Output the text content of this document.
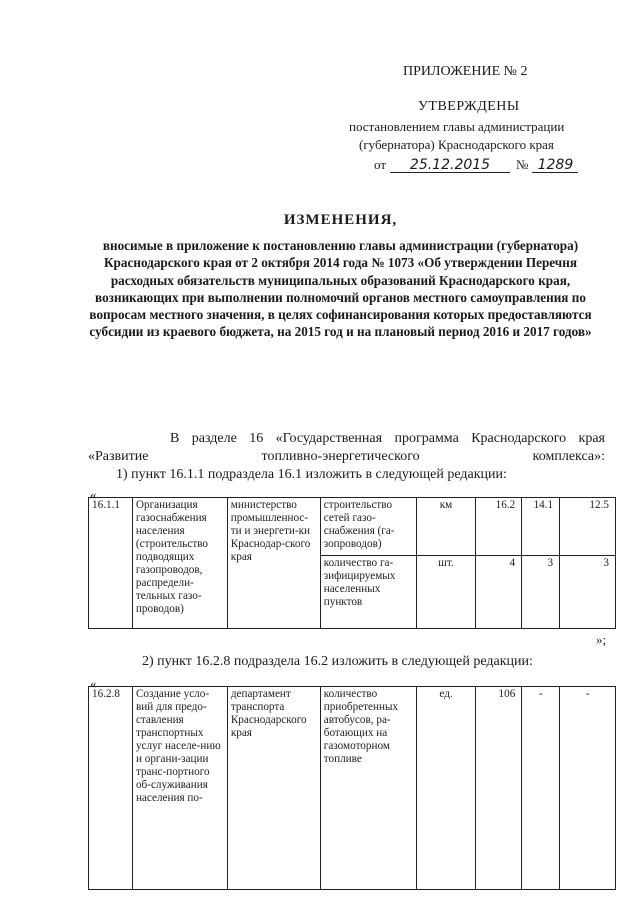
ПРИЛОЖЕНИЕ № 2
УТВЕРЖДЕНЫ
постановлением главы администрации
(губернатора) Краснодарского края
от 25.12.2015 № 1289
ИЗМЕНЕНИЯ,
вносимые в приложение к постановлению главы администрации (губернатора) Краснодарского края от 2 октября 2014 года № 1073 «Об утверждении Перечня расходных обязательств муниципальных образований Краснодарского края, возникающих при выполнении полномочий органов местного самоуправления по вопросам местного значения, в целях софинансирования которых предоставляются субсидии из краевого бюджета, на 2015 год и на плановый период 2016 и 2017 годов»

В разделе 16 «Государственная программа Краснодарского края «Развитие топливно-энергетического комплекса»:

1) пункт 16.1.1 подраздела 16.1 изложить в следующей редакции:

«
16.1.1	Организация газоснабжения населения (строительство подводящих газопроводов, распредели-тельных газо-проводов)	министерство промышленнос-ти и энергети-ки Краснодар-ского края	строительство сетей газо-снабжения (га-зопроводов)	км	16.2	14.1	12.5
			количество га-зифицируемых населенных пунктов	шт.	4	3	3
»;
2) пункт 16.2.8 подраздела 16.2 изложить в следующей редакции:
«
16.2.8	Создание усло-вий для предо-ставления транспортных услуг населе-нию и органи-зации транс-портного об-служивания населения по-	департамент транспорта Краснодарского края	количество приобретенных автобусов, ра-ботающих на газомоторном топливе	ед.	106	-	-
